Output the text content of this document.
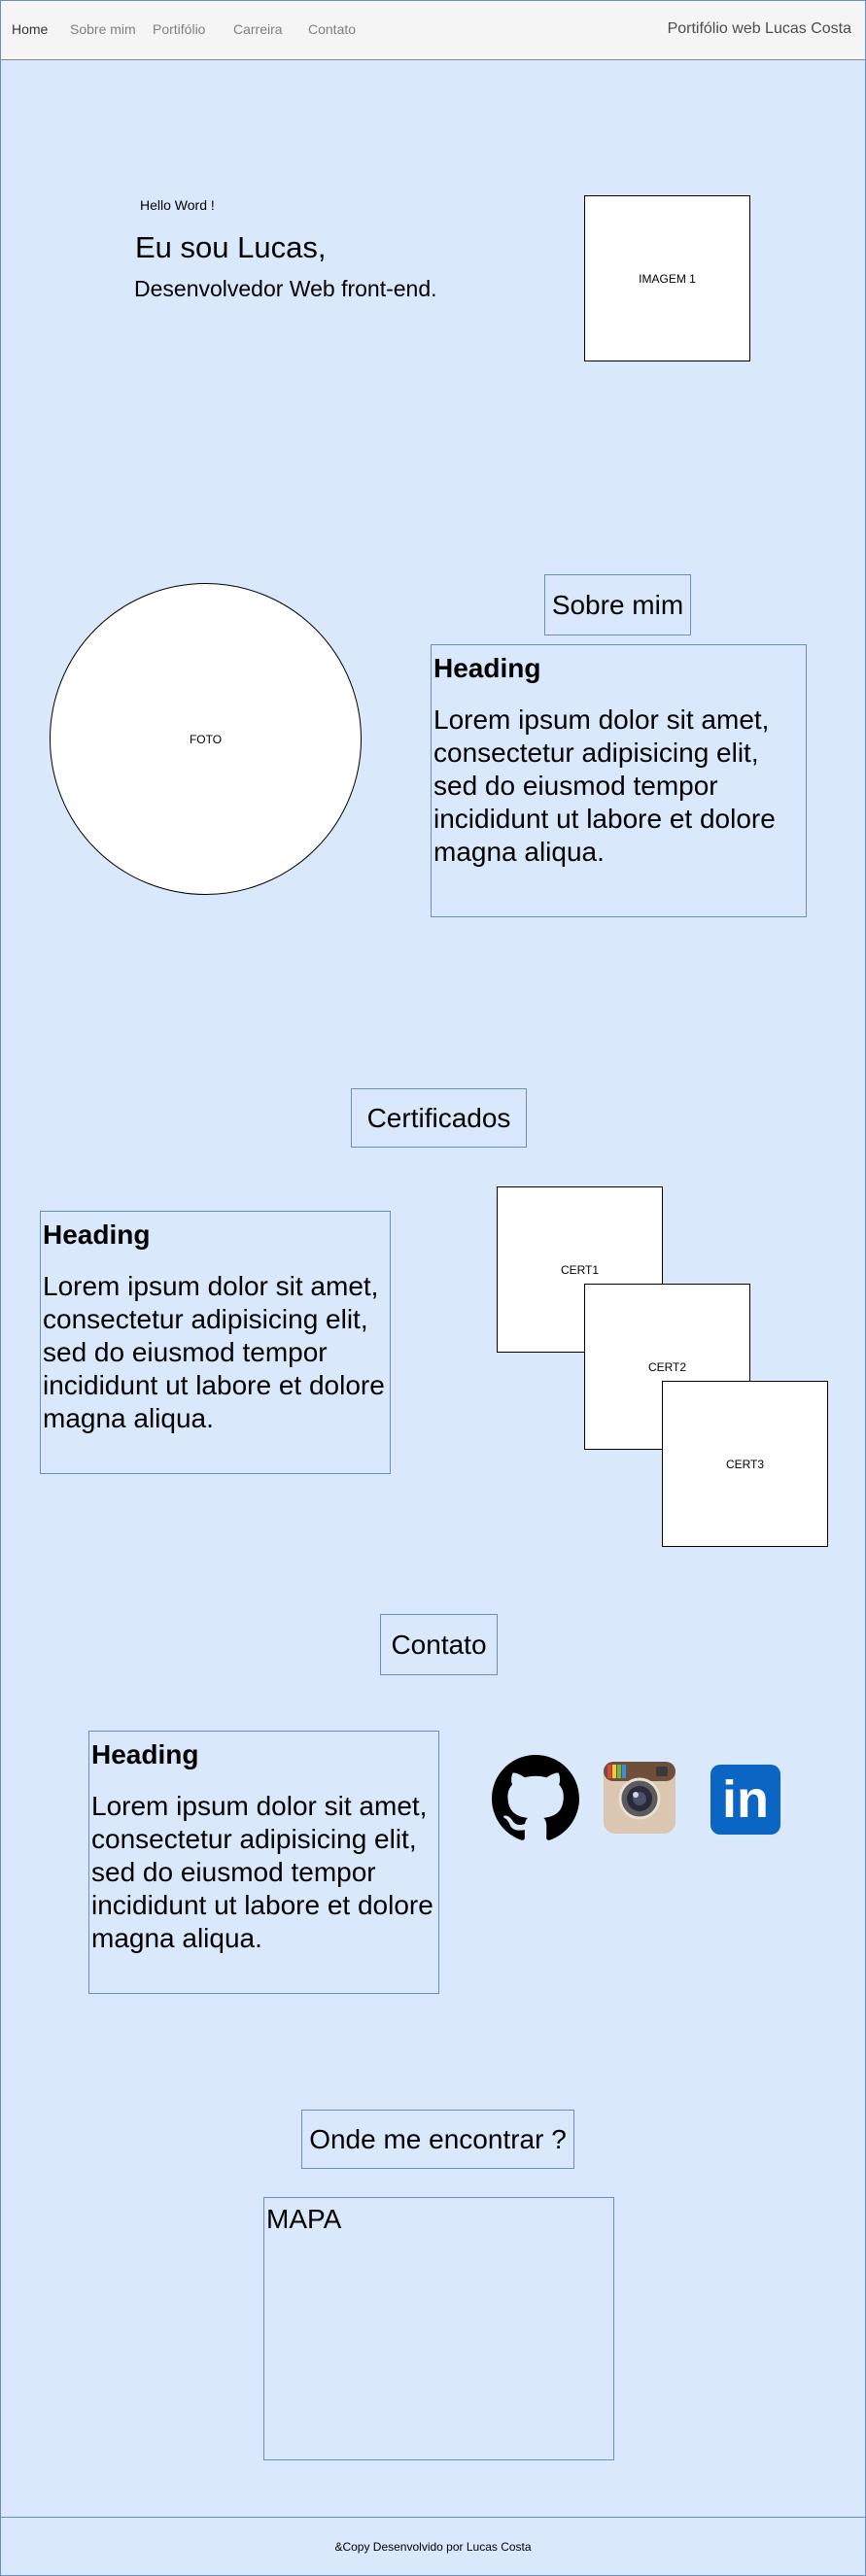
Home Sobre mim Portifólio Carreira Contato	Portifólio web Lucas Costa
Hello Word !
Eu sou Lucas,
Desenvolvedor Web front-end.	IMAGEM 1
Sobre mim
FOTO
Heading

Lorem ipsum dolor sit amet, consectetur adipisicing elit, sed do eiusmod tempor incididunt ut labore et dolore magna aliqua.

Certificados
Heading

Lorem ipsum dolor sit amet, consectetur adipisicing elit, sed do eiusmod tempor incididunt ut labore et dolore magna aliqua.

CERT1
CERT2
CERT3
Contato
Heading

Lorem ipsum dolor sit amet, consectetur adipisicing elit, sed do eiusmod tempor incididunt ut labore et dolore magna aliqua.

in
Onde me encontrar ?
MAPA
&Copy Desenvolvido por Lucas Costa
